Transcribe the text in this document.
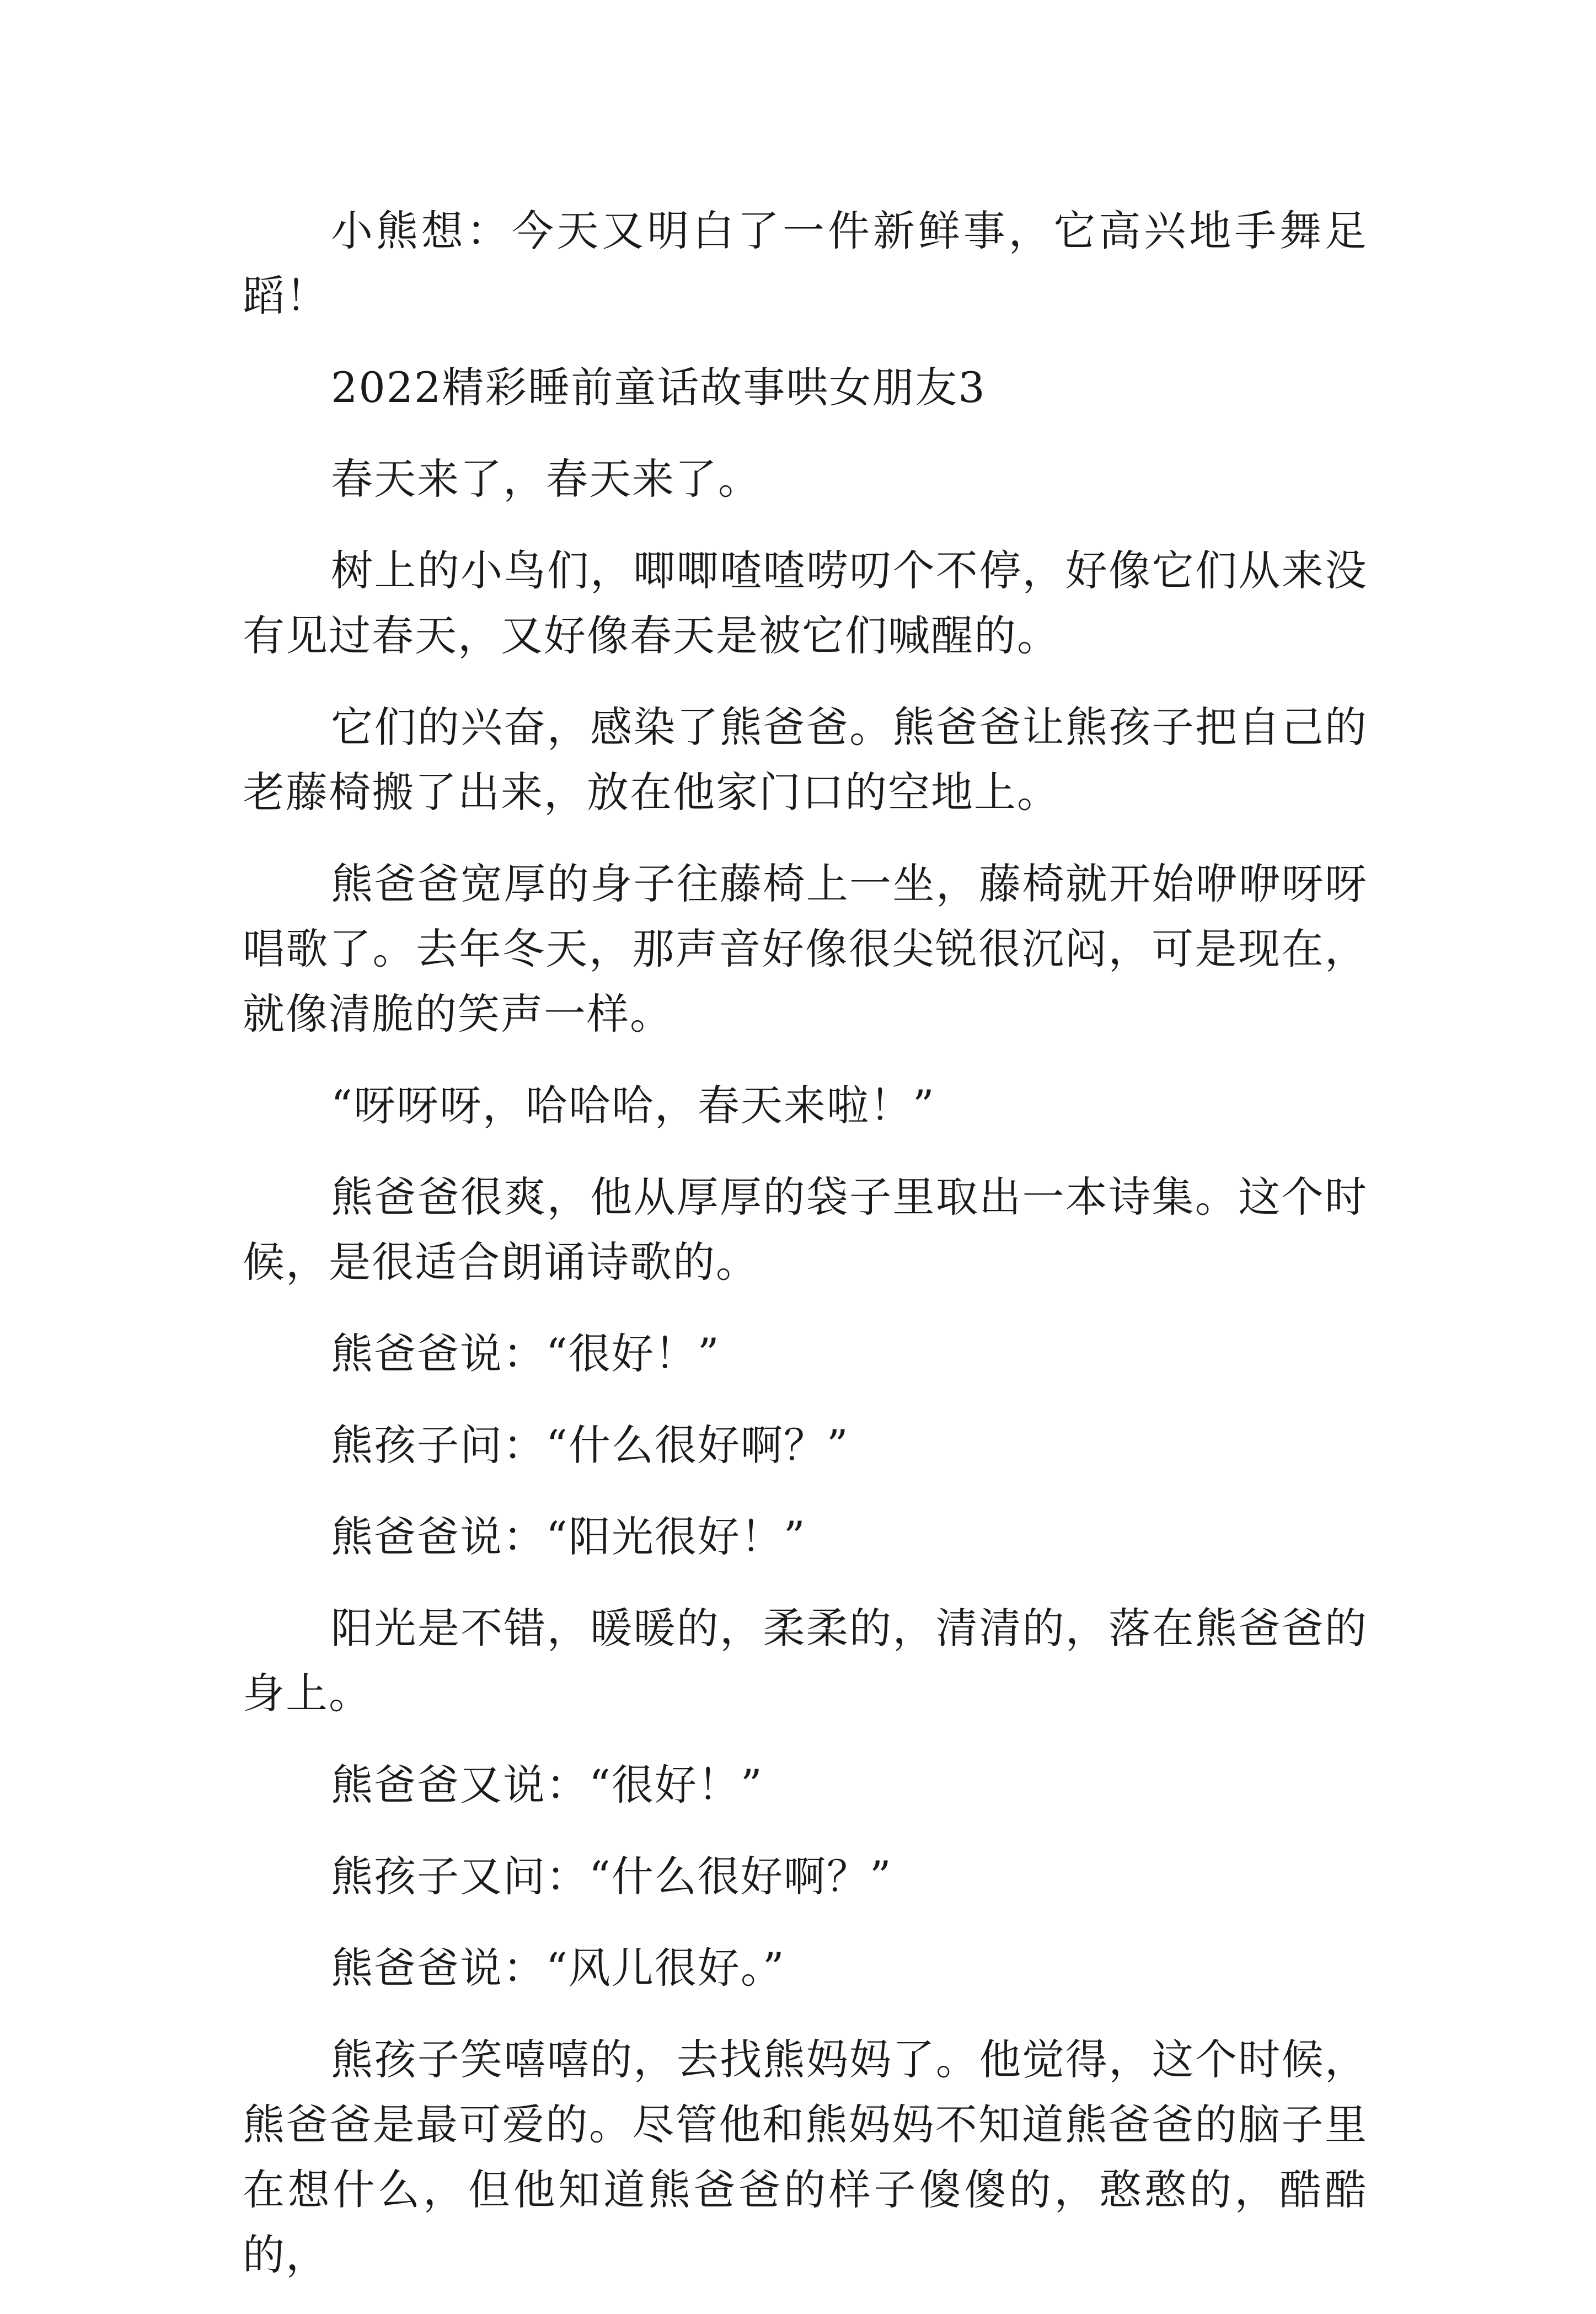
小熊想：今天又明白了一件新鲜事，它高兴地手舞足蹈！

2022精彩睡前童话故事哄女朋友3

春天来了，春天来了。

树上的小鸟们，唧唧喳喳唠叨个不停，好像它们从来没有见过春天，又好像春天是被它们喊醒的。

它们的兴奋，感染了熊爸爸。熊爸爸让熊孩子把自己的老藤椅搬了出来，放在他家门口的空地上。

熊爸爸宽厚的身子往藤椅上一坐，藤椅就开始咿咿呀呀唱歌了。去年冬天，那声音好像很尖锐很沉闷，可是现在，就像清脆的笑声一样。

“呀呀呀，哈哈哈，春天来啦！”

熊爸爸很爽，他从厚厚的袋子里取出一本诗集。这个时候，是很适合朗诵诗歌的。

熊爸爸说：“很好！”

熊孩子问：“什么很好啊？”

熊爸爸说：“阳光很好！”

阳光是不错，暖暖的，柔柔的，清清的，落在熊爸爸的身上。

熊爸爸又说：“很好！”

熊孩子又问：“什么很好啊？”

熊爸爸说：“风儿很好。”

熊孩子笑嘻嘻的，去找熊妈妈了。他觉得，这个时候，熊爸爸是最可爱的。尽管他和熊妈妈不知道熊爸爸的脑子里在想什么，但他知道熊爸爸的样子傻傻的，憨憨的，酷酷的，
